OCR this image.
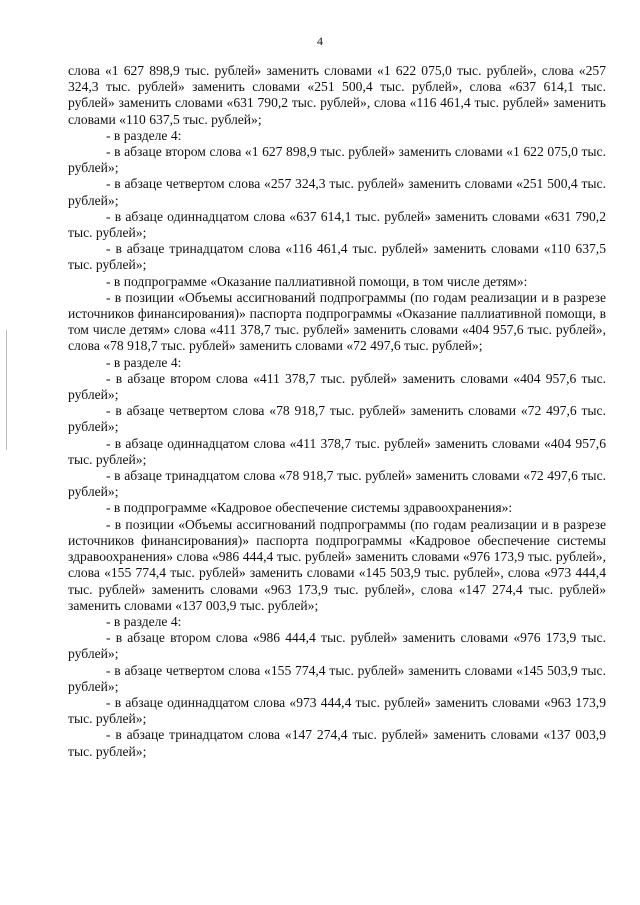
4

слова «1 627 898,9 тыс. рублей» заменить словами «1 622 075,0 тыс. рублей», слова «257 324,3 тыс. рублей» заменить словами «251 500,4 тыс. рублей», слова «637 614,1 тыс. рублей» заменить словами «631 790,2 тыс. рублей», слова «116 461,4 тыс. рублей» заменить словами «110 637,5 тыс. рублей»;

- в разделе 4:

- в абзаце втором слова «1 627 898,9 тыс. рублей» заменить словами «1 622 075,0 тыс. рублей»;

- в абзаце четвертом слова «257 324,3 тыс. рублей» заменить словами «251 500,4 тыс. рублей»;

- в абзаце одиннадцатом слова «637 614,1 тыс. рублей» заменить словами «631 790,2 тыс. рублей»;

- в абзаце тринадцатом слова «116 461,4 тыс. рублей» заменить словами «110 637,5 тыс. рублей»;

- в подпрограмме «Оказание паллиативной помощи, в том числе детям»:

- в позиции «Объемы ассигнований подпрограммы (по годам реализации и в разрезе источников финансирования)» паспорта подпрограммы «Оказание паллиативной помощи, в том числе детям» слова «411 378,7 тыс. рублей» заменить словами «404 957,6 тыс. рублей», слова «78 918,7 тыс. рублей» заменить словами «72 497,6 тыс. рублей»;

- в разделе 4:

- в абзаце втором слова «411 378,7 тыс. рублей» заменить словами «404 957,6 тыс. рублей»;

- в абзаце четвертом слова «78 918,7 тыс. рублей» заменить словами «72 497,6 тыс. рублей»;

- в абзаце одиннадцатом слова «411 378,7 тыс. рублей» заменить словами «404 957,6 тыс. рублей»;

- в абзаце тринадцатом слова «78 918,7 тыс. рублей» заменить словами «72 497,6 тыс. рублей»;

- в подпрограмме «Кадровое обеспечение системы здравоохранения»:

- в позиции «Объемы ассигнований подпрограммы (по годам реализации и в разрезе источников финансирования)» паспорта подпрограммы «Кадровое обеспечение системы здравоохранения» слова «986 444,4 тыс. рублей» заменить словами «976 173,9 тыс. рублей», слова «155 774,4 тыс. рублей» заменить словами «145 503,9 тыс. рублей», слова «973 444,4 тыс. рублей» заменить словами «963 173,9 тыс. рублей», слова «147 274,4 тыс. рублей» заменить словами «137 003,9 тыс. рублей»;

- в разделе 4:

- в абзаце втором слова «986 444,4 тыс. рублей» заменить словами «976 173,9 тыс. рублей»;

- в абзаце четвертом слова «155 774,4 тыс. рублей» заменить словами «145 503,9 тыс. рублей»;

- в абзаце одиннадцатом слова «973 444,4 тыс. рублей» заменить словами «963 173,9 тыс. рублей»;

- в абзаце тринадцатом слова «147 274,4 тыс. рублей» заменить словами «137 003,9 тыс. рублей»;
